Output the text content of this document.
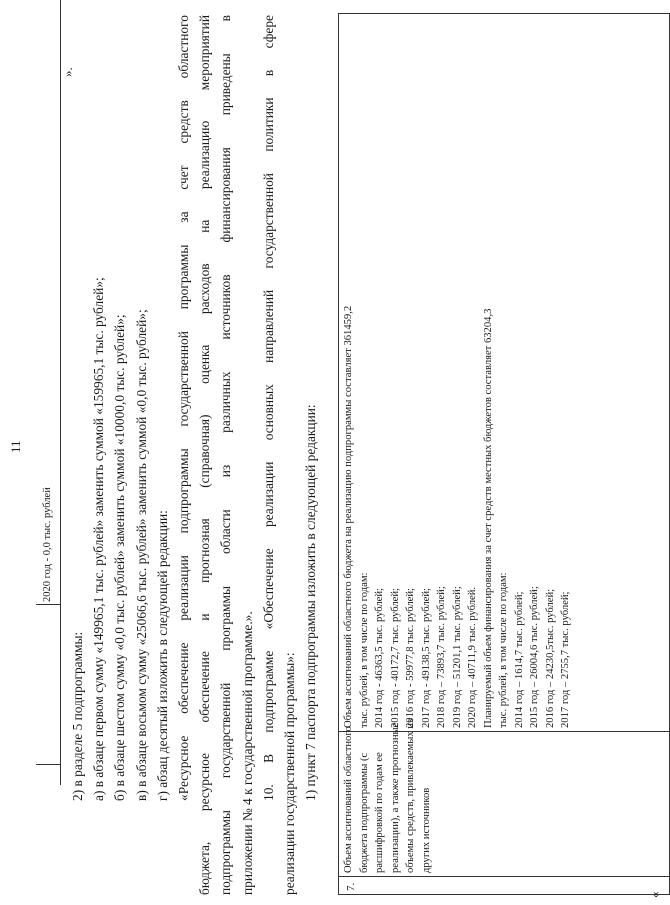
11
2020 год - 0,0 тыс. рублей
».
2) в разделе 5 подпрограммы: а) в абзаце первом сумму «149965,1 тыс. рублей» заменить суммой «159965,1 тыс. рублей»; б) в абзаце шестом сумму «0,0 тыс. рублей» заменить суммой «10000,0 тыс. рублей»; в) в абзаце восьмом сумму «25066,6 тыс. рублей» заменить суммой «0,0 тыс. рублей»; г) абзац десятый изложить в следующей редакции: «Ресурсное обеспечение реализации подпрограммы государственной программы за счет средств областного бюджета, ресурсное обеспечение и прогнозная (справочная) оценка расходов на реализацию мероприятий подпрограммы государственной программы области из различных источников финансирования приведены в приложении № 4 к государственной программе.». 10. В подпрограмме «Обеспечение реализации основных направлений государственной политики в сфере реализации государственной программы»: 1) пункт 7 паспорта подпрограммы изложить в следующей редакции:
«
7.
Объем ассигнований областного бюджета подпрограммы (с расшифровкой по годам ее реализации), а также прогнозные объемы средств, привлекаемых из других источников
Объем ассигнований областного бюджета на реализацию подпрограммы составляет 361459,2 тыс. рублей, в том числе по годам: 2014 год - 46363,5 тыс. рублей; 2015 год - 40172,7 тыс. рублей; 2016 год - 59977,8 тыс. рублей; 2017 год - 49138,5 тыс. рублей; 2018 год – 73893,7 тыс. рублей; 2019 год – 51201,1 тыс. рублей; 2020 год – 40711,9 тыс. рублей. Планируемый объем финансирования за счет средств местных бюджетов составляет 63204,3 тыс. рублей, в том числе по годам: 2014 год – 1614,7 тыс. рублей; 2015 год – 26004,6 тыс. рублей; 2016 год – 24230,5тыс. рублей; 2017 год – 2755,7 тыс. рублей;
